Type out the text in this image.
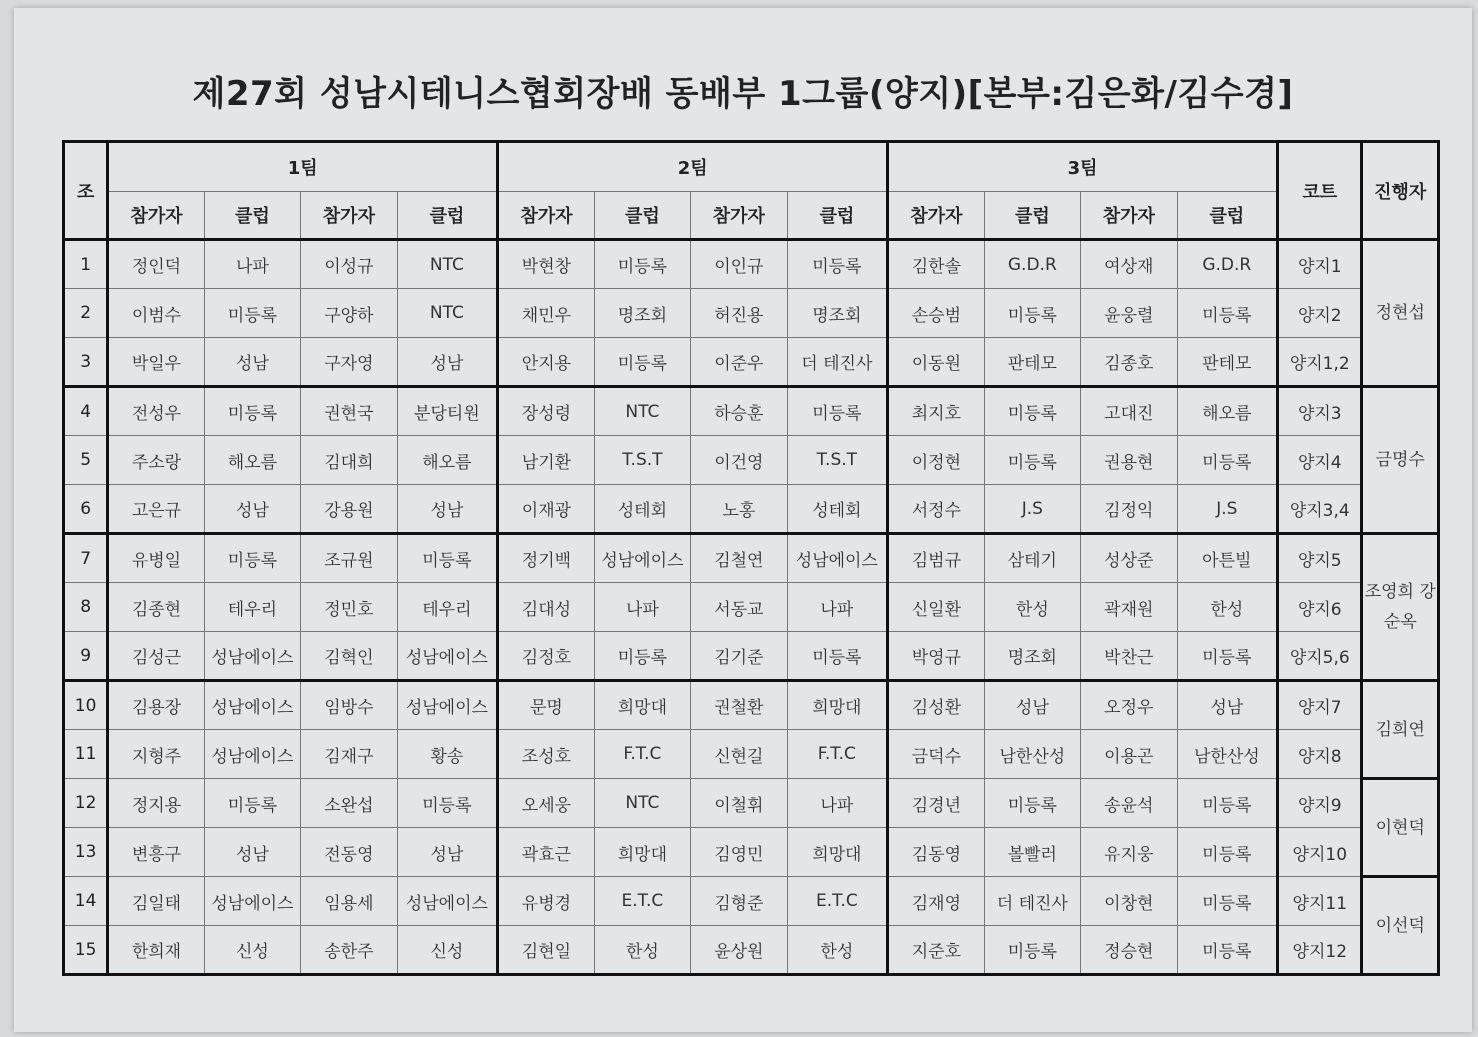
제27회 성남시테니스협회장배 동배부 1그룹(양지)[본부:김은화/김수경]
조	1팀				2팀				3팀				코트	진행자
	참가자	클럽	참가자	클럽	참가자	클럽	참가자	클럽	참가자	클럽	참가자	클럽		
1	정인덕	나파	이성규	NTC	박현창	미등록	이인규	미등록	김한솔	G.D.R	여상재	G.D.R	양지1	정현섭
2	이범수	미등록	구양하	NTC	채민우	명조회	허진용	명조회	손승범	미등록	윤웅렬	미등록	양지2	
3	박일우	성남	구자영	성남	안지용	미등록	이준우	더 테진사	이동원	판테모	김종호	판테모	양지1,2	
4	전성우	미등록	권현국	분당티원	장성령	NTC	하승훈	미등록	최지호	미등록	고대진	해오름	양지3	금명수
5	주소랑	해오름	김대희	해오름	남기환	T.S.T	이건영	T.S.T	이정현	미등록	권용현	미등록	양지4	
6	고은규	성남	강용원	성남	이재광	성테회	노홍	성테회	서정수	J.S	김정익	J.S	양지3,4	
7	유병일	미등록	조규원	미등록	정기백	성남에이스	김철연	성남에이스	김범규	삼테기	성상준	아튼빌	양지5	조영희 강순옥
8	김종현	테우리	정민호	테우리	김대성	나파	서동교	나파	신일환	한성	곽재원	한성	양지6	
9	김성근	성남에이스	김혁인	성남에이스	김정호	미등록	김기준	미등록	박영규	명조회	박찬근	미등록	양지5,6	
10	김용장	성남에이스	임방수	성남에이스	문명	희망대	권철환	희망대	김성환	성남	오정우	성남	양지7	김희연
11	지형주	성남에이스	김재구	황송	조성호	F.T.C	신현길	F.T.C	금덕수	남한산성	이용곤	남한산성	양지8	
12	정지용	미등록	소완섭	미등록	오세웅	NTC	이철휘	나파	김경년	미등록	송윤석	미등록	양지9	이현덕
13	변흥구	성남	전동영	성남	곽효근	희망대	김영민	희망대	김동영	볼빨러	유지웅	미등록	양지10	
14	김일태	성남에이스	임용세	성남에이스	유병경	E.T.C	김형준	E.T.C	김재영	더 테진사	이창현	미등록	양지11	이선덕
15	한희재	신성	송한주	신성	김현일	한성	윤상원	한성	지준호	미등록	정승현	미등록	양지12	
